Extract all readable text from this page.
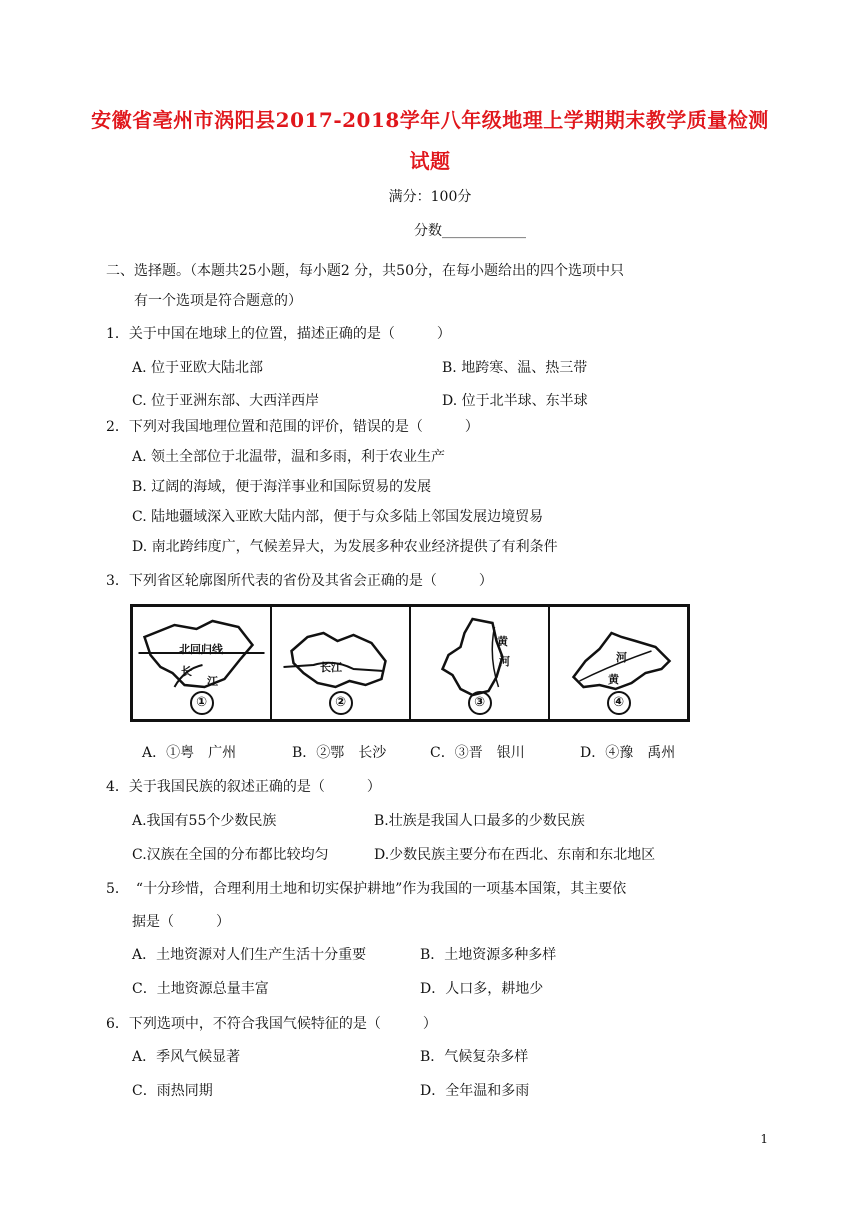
安徽省亳州市涡阳县2017-2018学年八年级地理上学期期末教学质量检测
试题
满分：100分
分数____________
二、选择题。（本题共25小题，每小题2 分，共50分，在每小题给出的四个选项中只
有一个选项是符合题意的）
1．关于中国在地球上的位置，描述正确的是（　　　）
A. 位于亚欧大陆北部	B. 地跨寒、温、热三带
C. 位于亚洲东部、大西洋西岸	D. 位于北半球、东半球
2．下列对我国地理位置和范围的评价，错误的是（　　　）
A. 领土全部位于北温带，温和多雨，利于农业生产
B. 辽阔的海域，便于海洋事业和国际贸易的发展
C. 陆地疆域深入亚欧大陆内部，便于与众多陆上邻国发展边境贸易
D. 南北跨纬度广，气候差异大，为发展多种农业经济提供了有利条件
3．下列省区轮廓图所代表的省份及其省会正确的是（　　　）
北回归线
长
江
①
长江
②
黄
河
③
河
黄
④
A．①粤　广州	B．②鄂　长沙	C．③晋　银川	D．④豫　禹州
4．关于我国民族的叙述正确的是（　　　）
A.我国有55个少数民族	B.壮族是我国人口最多的少数民族
C.汉族在全国的分布都比较均匀	D.少数民族主要分布在西北、东南和东北地区
5．　“十分珍惜，合理利用土地和切实保护耕地”作为我国的一项基本国策，其主要依
据是（　　　）
A．土地资源对人们生产生活十分重要	B．土地资源多种多样
C．土地资源总量丰富	D．人口多，耕地少
6．下列选项中，不符合我国气候特征的是（　　　）
A．季风气候显著	B．气候复杂多样
C．雨热同期	D．全年温和多雨
1
